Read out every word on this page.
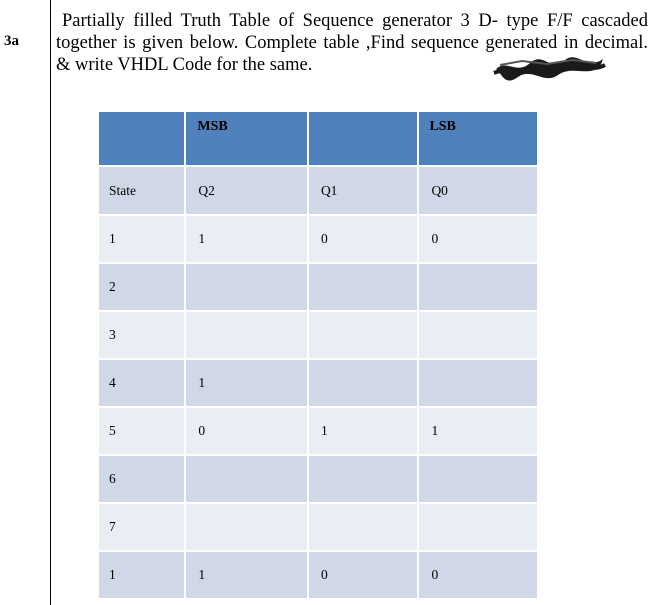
3a
Partially filled Truth Table of Sequence generator 3 D- type F/F cascaded
together is given below. Complete table ,Find sequence generated in decimal.
& write VHDL Code for the same.
	MSB		LSB
State	Q2	Q1	Q0
1	1	0	0
2			
3			
4	1		
5	0	1	1
6			
7			
1	1	0	0
